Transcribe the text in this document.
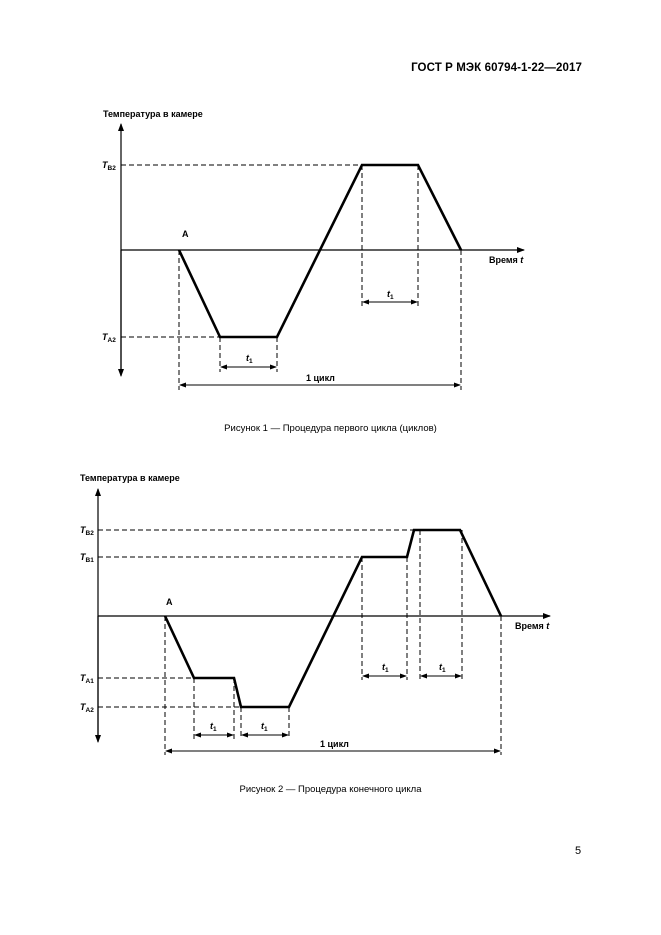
ГОСТ Р МЭК 60794-1-22—2017
Температура в камере
Время t
TB2
TA2
A
t1
t1
1 цикл
Температура в камере
Время t
TB2
TB1
TA1
TA2
A
t1	t1
t1	t1
1 цикл
Рисунок 1 — Процедура первого цикла (циклов)
Рисунок 2 — Процедура конечного цикла
5
